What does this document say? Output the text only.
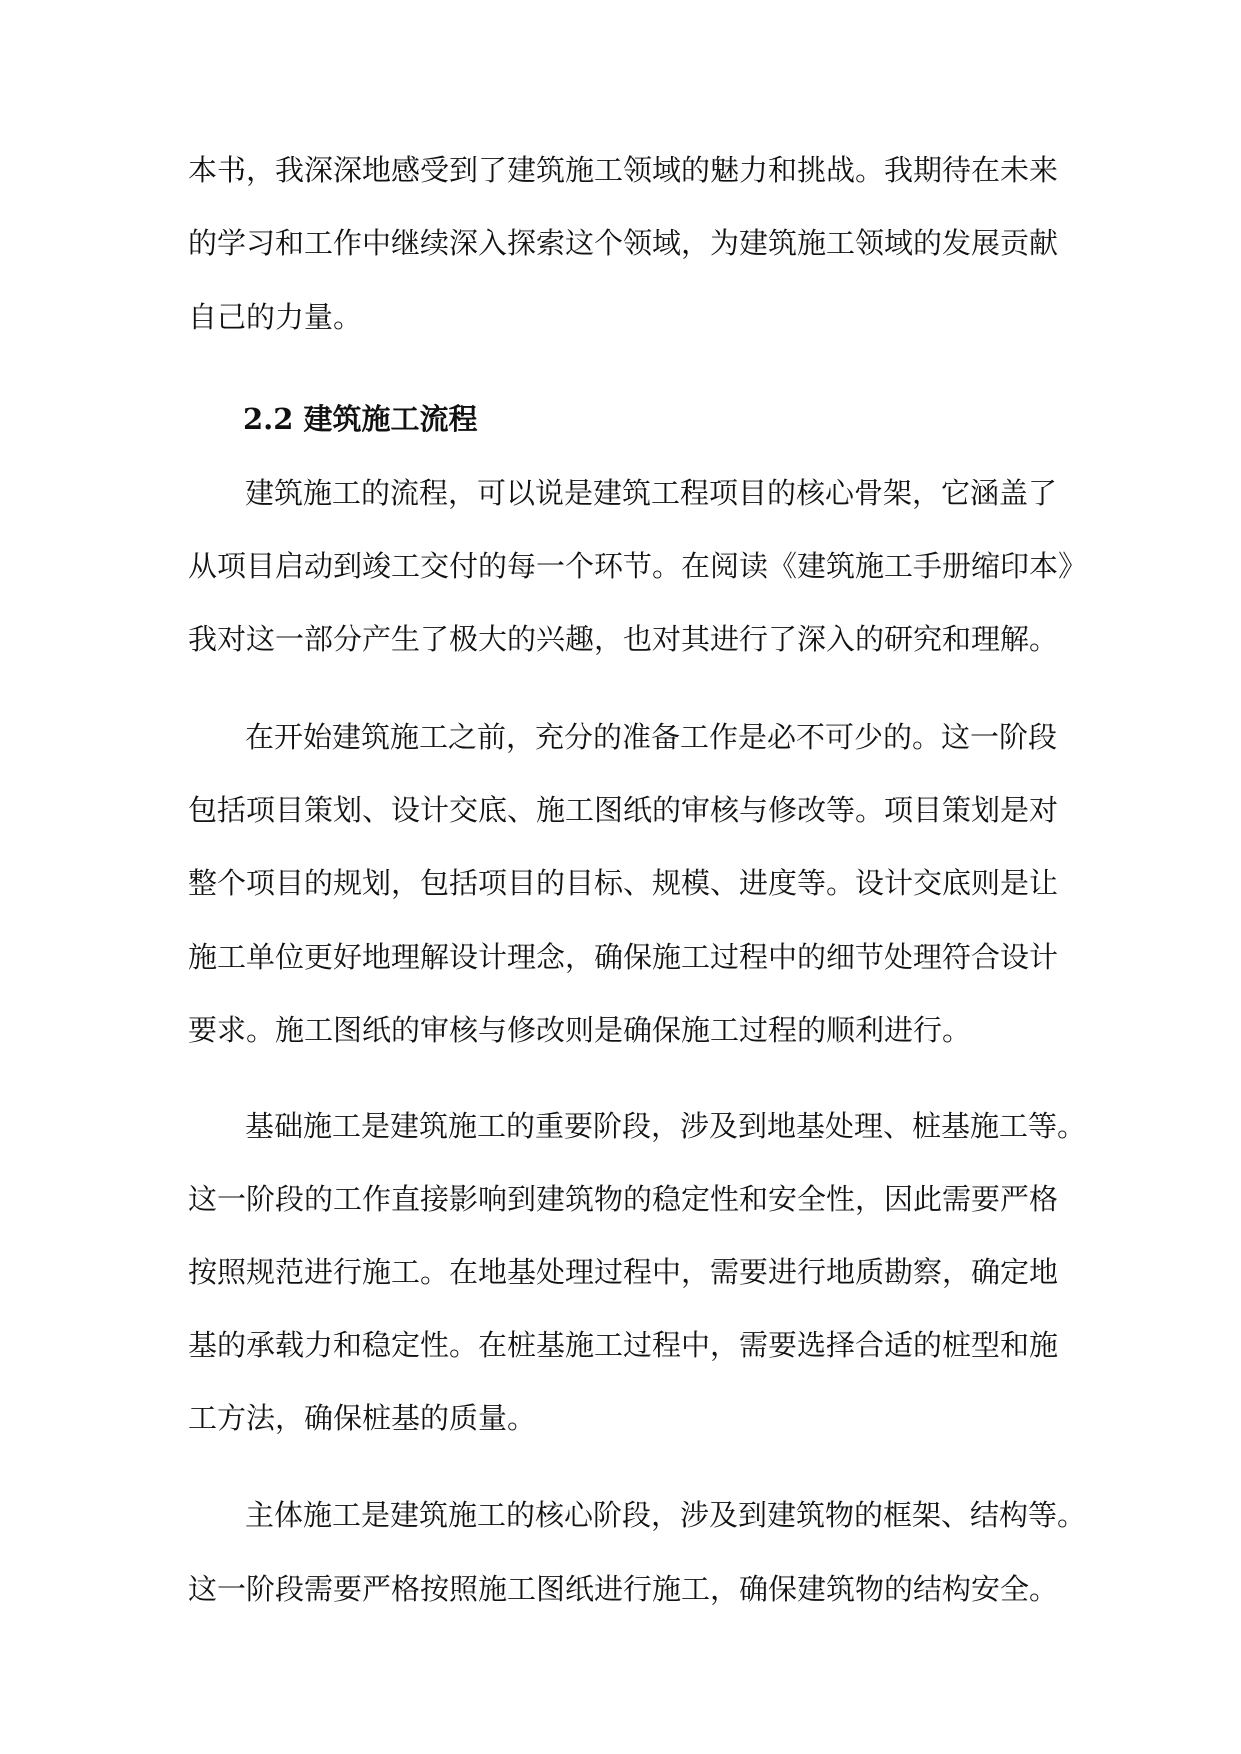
本书，我深深地感受到了建筑施工领域的魅力和挑战。我期待在未来

的学习和工作中继续深入探索这个领域，为建筑施工领域的发展贡献

自己的力量。

2.2 建筑施工流程

建筑施工的流程，可以说是建筑工程项目的核心骨架，它涵盖了

从项目启动到竣工交付的每一个环节。在阅读《建筑施工手册缩印本》

我对这一部分产生了极大的兴趣，也对其进行了深入的研究和理解。

在开始建筑施工之前，充分的准备工作是必不可少的。这一阶段

包括项目策划、设计交底、施工图纸的审核与修改等。项目策划是对

整个项目的规划，包括项目的目标、规模、进度等。设计交底则是让

施工单位更好地理解设计理念，确保施工过程中的细节处理符合设计

要求。施工图纸的审核与修改则是确保施工过程的顺利进行。

基础施工是建筑施工的重要阶段，涉及到地基处理、桩基施工等。

这一阶段的工作直接影响到建筑物的稳定性和安全性，因此需要严格

按照规范进行施工。在地基处理过程中，需要进行地质勘察，确定地

基的承载力和稳定性。在桩基施工过程中，需要选择合适的桩型和施

工方法，确保桩基的质量。

主体施工是建筑施工的核心阶段，涉及到建筑物的框架、结构等。

这一阶段需要严格按照施工图纸进行施工，确保建筑物的结构安全。
